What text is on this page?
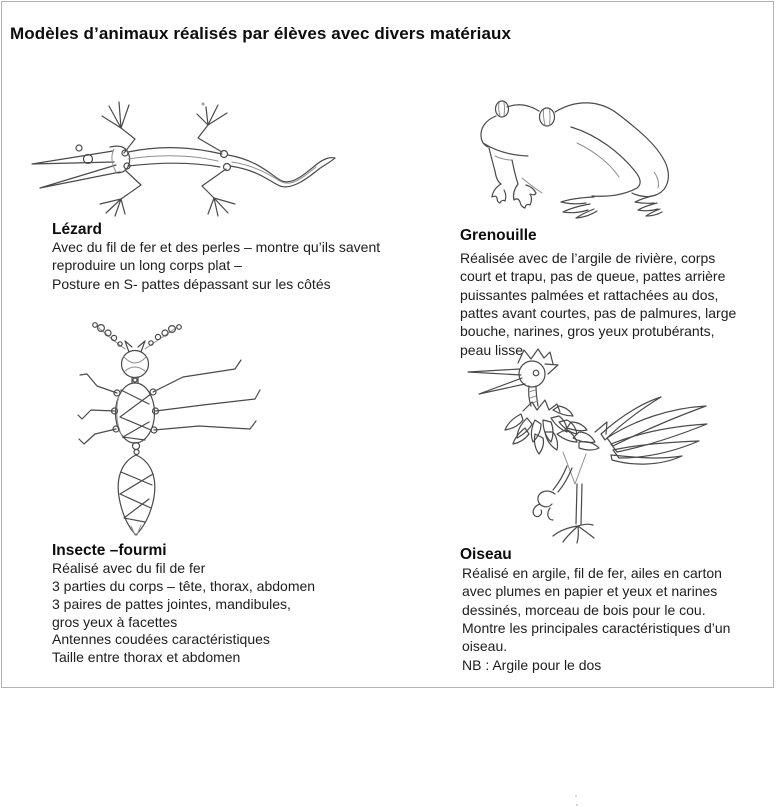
Modèles d’animaux réalisés par élèves avec divers matériaux
Lézard
Avec du fil de fer et des perles – montre qu’ils savent
reproduire un long corps plat –
Posture en S- pattes dépassant sur les côtés
Grenouille
Réalisée avec de l’argile de rivière, corps
court et trapu, pas de queue, pattes arrière
puissantes palmées et rattachées au dos,
pattes avant courtes, pas de palmures, large
bouche, narines, gros yeux protubérants,
peau lisse
Insecte –fourmi
Réalisé avec du fil de fer
3 parties du corps – tête, thorax, abdomen
3 paires de pattes jointes, mandibules,
gros yeux à facettes
Antennes coudées caractéristiques
Taille entre thorax et abdomen
Oiseau
Réalisé en argile, fil de fer, ailes en carton
avec plumes en papier et yeux et narines
dessinés, morceau de bois pour le cou.
Montre les principales caractéristiques d’un
oiseau.
NB : Argile pour le dos
